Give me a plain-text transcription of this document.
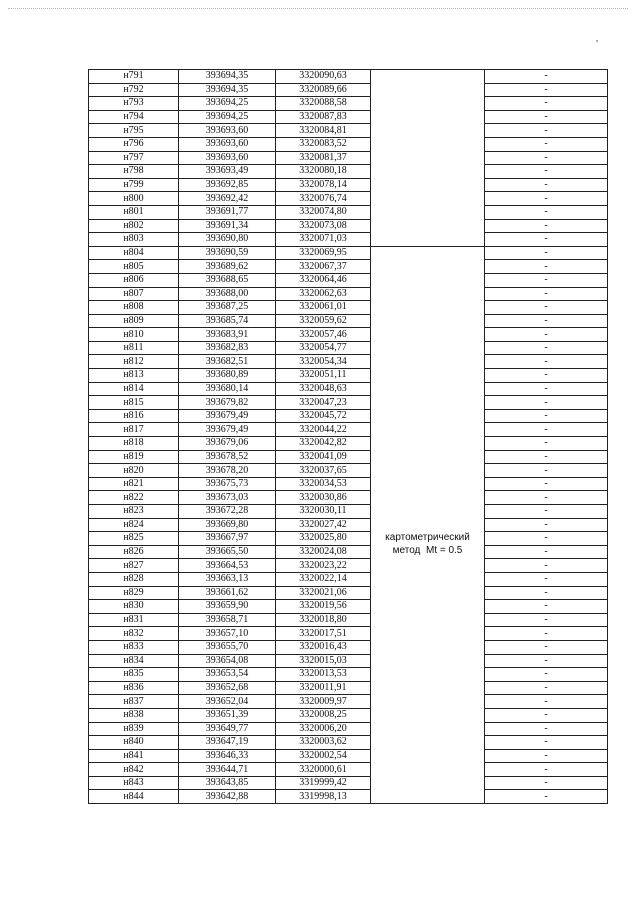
н791	393694,35	3320090,63		-
н792	393694,35	3320089,66		-
н793	393694,25	3320088,58		-
н794	393694,25	3320087,83		-
н795	393693,60	3320084,81		-
н796	393693,60	3320083,52		-
н797	393693,60	3320081,37		-
н798	393693,49	3320080,18		-
н799	393692,85	3320078,14		-
н800	393692,42	3320076,74		-
н801	393691,77	3320074,80		-
н802	393691,34	3320073,08		-
н803	393690,80	3320071,03		-
н804	393690,59	3320069,95	картометрический
метод  Mt = 0.5	-
н805	393689,62	3320067,37		-
н806	393688,65	3320064,46		-
н807	393688,00	3320062,63		-
н808	393687,25	3320061,01		-
н809	393685,74	3320059,62		-
н810	393683,91	3320057,46		-
н811	393682,83	3320054,77		-
н812	393682,51	3320054,34		-
н813	393680,89	3320051,11		-
н814	393680,14	3320048,63		-
н815	393679,82	3320047,23		-
н816	393679,49	3320045,72		-
н817	393679,49	3320044,22		-
н818	393679,06	3320042,82		-
н819	393678,52	3320041,09		-
н820	393678,20	3320037,65		-
н821	393675,73	3320034,53		-
н822	393673,03	3320030,86		-
н823	393672,28	3320030,11		-
н824	393669,80	3320027,42		-
н825	393667,97	3320025,80		-
н826	393665,50	3320024,08		-
н827	393664,53	3320023,22		-
н828	393663,13	3320022,14		-
н829	393661,62	3320021,06		-
н830	393659,90	3320019,56		-
н831	393658,71	3320018,80		-
н832	393657,10	3320017,51		-
н833	393655,70	3320016,43		-
н834	393654,08	3320015,03		-
н835	393653,54	3320013,53		-
н836	393652,68	3320011,91		-
н837	393652,04	3320009,97		-
н838	393651,39	3320008,25		-
н839	393649,77	3320006,20		-
н840	393647,19	3320003,62		-
н841	393646,33	3320002,54		-
н842	393644,71	3320000,61		-
н843	393643,85	3319999,42		-
н844	393642,88	3319998,13		-
